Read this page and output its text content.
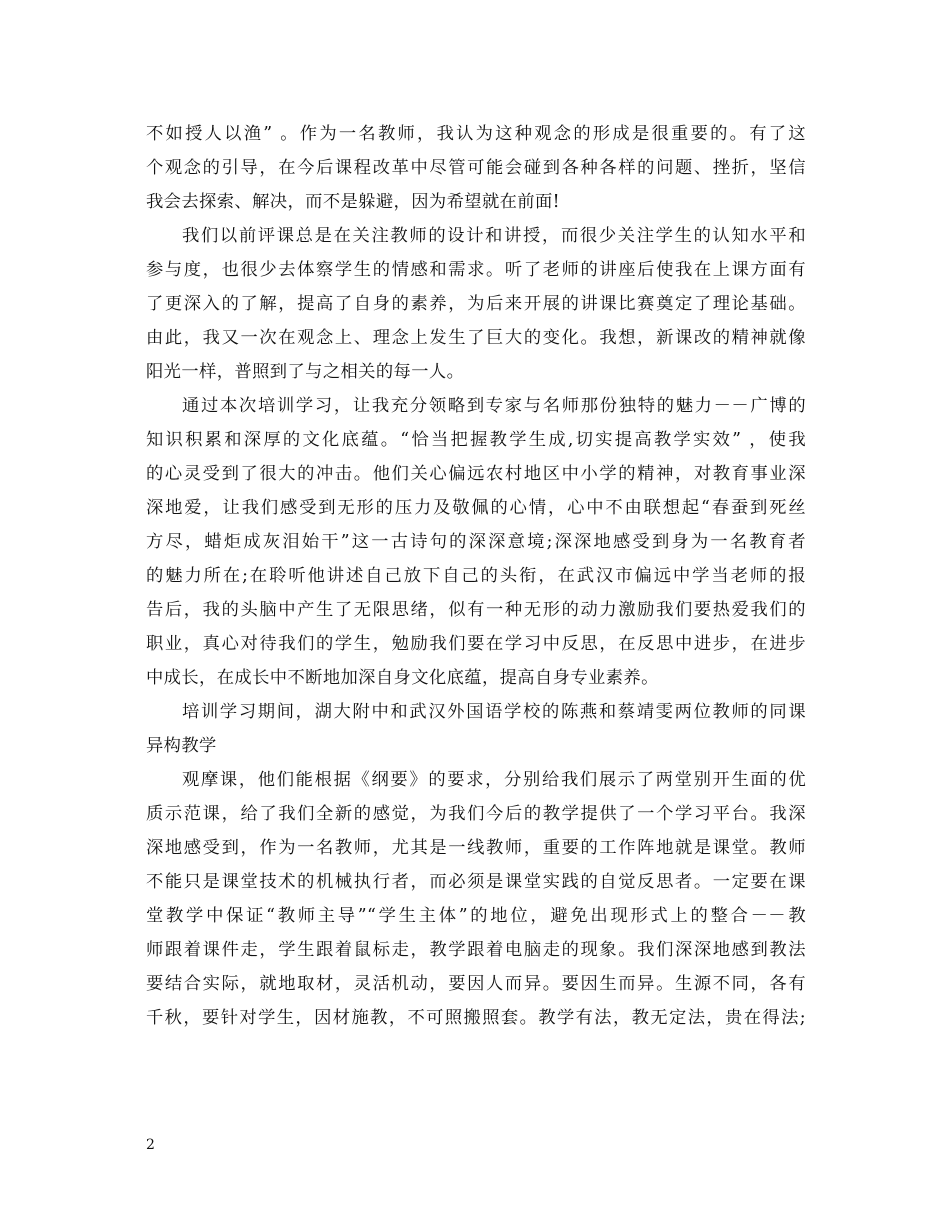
不如授人以渔” 。作为一名教师，我认为这种观念的形成是很重要的。有了这
个观念的引导，在今后课程改革中尽管可能会碰到各种各样的问题、挫折，坚信
我会去探索、解决，而不是躲避，因为希望就在前面!
我们以前评课总是在关注教师的设计和讲授，而很少关注学生的认知水平和
参与度，也很少去体察学生的情感和需求。听了老师的讲座后使我在上课方面有
了更深入的了解，提高了自身的素养，为后来开展的讲课比赛奠定了理论基础。
由此，我又一次在观念上、理念上发生了巨大的变化。我想，新课改的精神就像
阳光一样，普照到了与之相关的每一人。
通过本次培训学习，让我充分领略到专家与名师那份独特的魅力－－广博的
知识积累和深厚的文化底蕴。“恰当把握教学生成,切实提高教学实效” ，使我
的心灵受到了很大的冲击。他们关心偏远农村地区中小学的精神，对教育事业深
深地爱，让我们感受到无形的压力及敬佩的心情，心中不由联想起“春蚕到死丝
方尽，蜡炬成灰泪始干”这一古诗句的深深意境;深深地感受到身为一名教育者
的魅力所在;在聆听他讲述自己放下自己的头衔，在武汉市偏远中学当老师的报
告后，我的头脑中产生了无限思绪，似有一种无形的动力激励我们要热爱我们的
职业，真心对待我们的学生，勉励我们要在学习中反思，在反思中进步，在进步
中成长，在成长中不断地加深自身文化底蕴，提高自身专业素养。
培训学习期间，湖大附中和武汉外国语学校的陈燕和蔡靖雯两位教师的同课
异构教学
观摩课，他们能根据《纲要》的要求，分别给我们展示了两堂别开生面的优
质示范课，给了我们全新的感觉，为我们今后的教学提供了一个学习平台。我深
深地感受到，作为一名教师，尤其是一线教师，重要的工作阵地就是课堂。教师
不能只是课堂技术的机械执行者，而必须是课堂实践的自觉反思者。一定要在课
堂教学中保证“教师主导”“学生主体”的地位，避免出现形式上的整合－－教
师跟着课件走，学生跟着鼠标走，教学跟着电脑走的现象。我们深深地感到教法
要结合实际，就地取材，灵活机动，要因人而异。要因生而异。生源不同，各有
千秋，要针对学生，因材施教，不可照搬照套。教学有法，教无定法，贵在得法;
2
